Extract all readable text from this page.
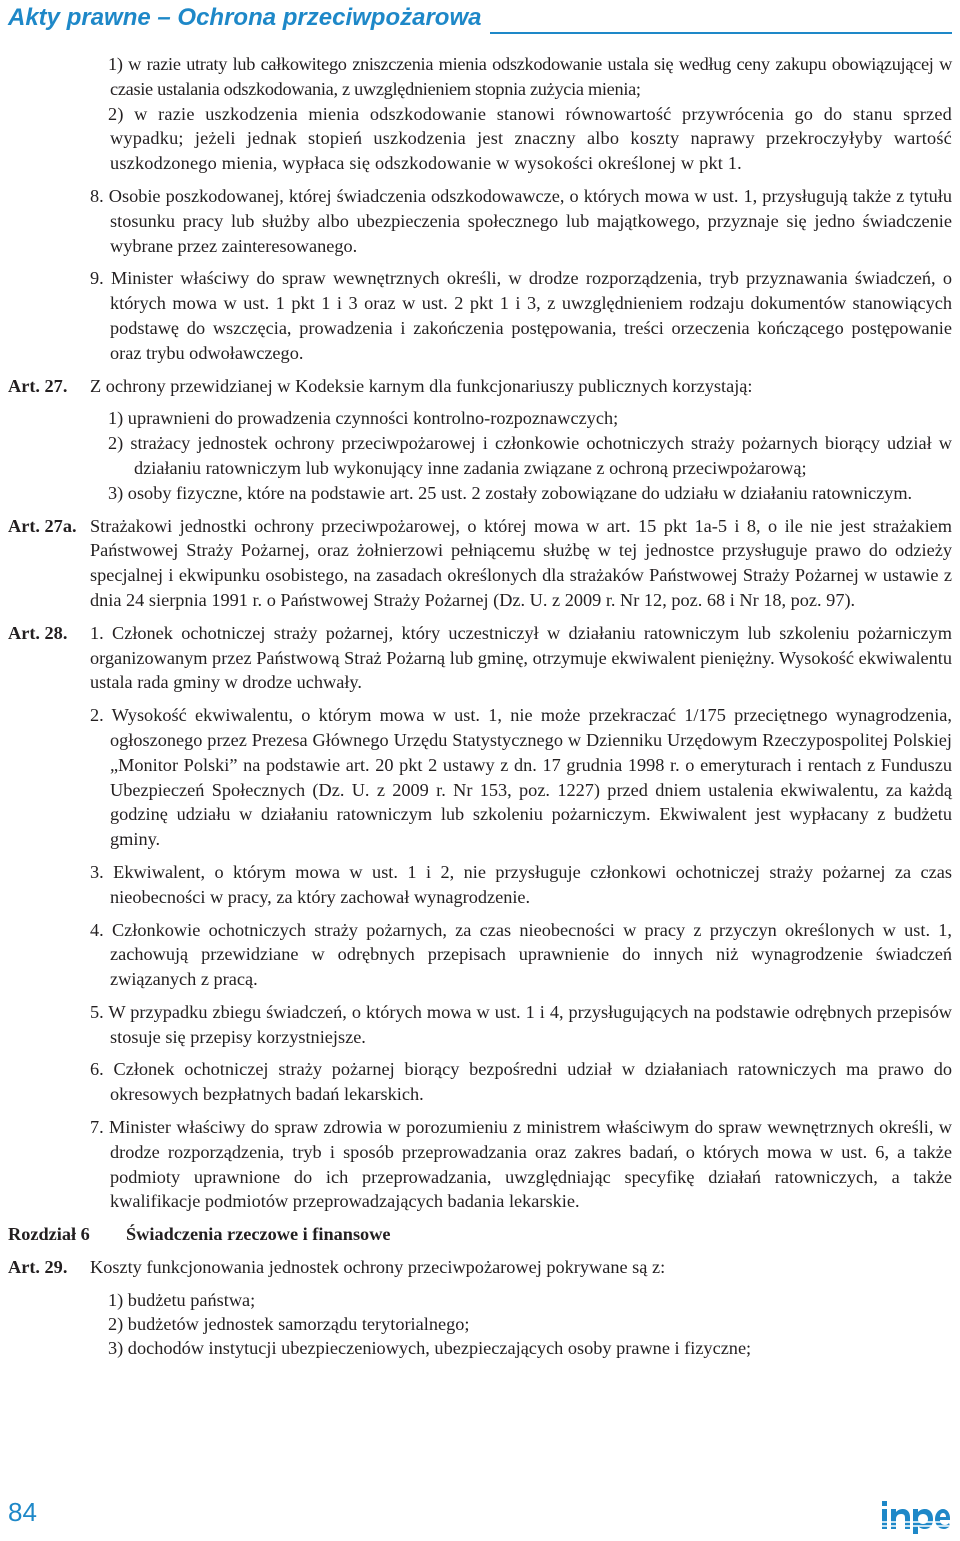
Akty prawne – Ochrona przeciwpożarowa

1) w razie utraty lub całkowitego zniszczenia mienia odszkodowanie ustala się według ceny zakupu obowiązującej w czasie ustalania odszkodowania, z uwzględnieniem stopnia zużycia mienia;

2) w razie uszkodzenia mienia odszkodowanie stanowi równowartość przywrócenia go do stanu sprzed wypadku; jeżeli jednak stopień uszkodzenia jest znaczny albo koszty naprawy przekroczyłyby wartość uszkodzonego mienia, wypłaca się odszkodowanie w wysokości określonej w pkt 1.

8. Osobie poszkodowanej, której świadczenia odszkodowawcze, o których mowa w ust. 1, przysługują także z tytułu stosunku pracy lub służby albo ubezpieczenia społecznego lub majątkowego, przyznaje się jedno świadczenie wybrane przez zainteresowanego.

9. Minister właściwy do spraw wewnętrznych określi, w drodze rozporządzenia, tryb przyznawania świadczeń, o których mowa w ust. 1 pkt 1 i 3 oraz w ust. 2 pkt 1 i 3, z uwzględnieniem rodzaju dokumentów stanowiących podstawę do wszczęcia, prowadzenia i zakończenia postępowania, treści orzeczenia kończącego postępowanie oraz trybu odwoławczego.

Art. 27.	Z ochrony przewidzianej w Kodeksie karnym dla funkcjonariuszy publicznych korzystają:

1) uprawnieni do prowadzenia czynności kontrolno-rozpoznawczych;

2) strażacy jednostek ochrony przeciwpożarowej i członkowie ochotniczych straży pożarnych biorący udział w działaniu ratowniczym lub wykonujący inne zadania związane z ochroną przeciwpożarową;

3) osoby fizyczne, które na podstawie art. 25 ust. 2 zostały zobowiązane do udziału w działaniu ratowniczym.

Art. 27a. Strażakowi jednostki ochrony przeciwpożarowej, o której mowa w art. 15 pkt 1a-5 i 8, o ile nie jest strażakiem Państwowej Straży Pożarnej, oraz żołnierzowi pełniącemu służbę w tej jednostce przysługuje prawo do odzieży specjalnej i ekwipunku osobistego, na zasadach określonych dla strażaków Państwowej Straży Pożarnej w ustawie z dnia 24 sierpnia 1991 r. o Państwowej Straży Pożarnej (Dz. U. z 2009 r. Nr 12, poz. 68 i Nr 18, poz. 97).

Art. 28.	1. Członek ochotniczej straży pożarnej, który uczestniczył w działaniu ratowniczym lub szkoleniu pożarniczym organizowanym przez Państwową Straż Pożarną lub gminę, otrzymuje ekwiwalent pieniężny. Wysokość ekwiwalentu ustala rada gminy w drodze uchwały.

2. Wysokość ekwiwalentu, o którym mowa w ust. 1, nie może przekraczać 1/175 przeciętnego wynagrodzenia, ogłoszonego przez Prezesa Głównego Urzędu Statystycznego w Dzienniku Urzędowym Rzeczypospolitej Polskiej „Monitor Polski” na podstawie art. 20 pkt 2 ustawy z dn. 17 grudnia 1998 r. o emeryturach i rentach z Funduszu Ubezpieczeń Społecznych (Dz. U. z 2009 r. Nr 153, poz. 1227) przed dniem ustalenia ekwiwalentu, za każdą godzinę udziału w działaniu ratowniczym lub szkoleniu pożarniczym. Ekwiwalent jest wypłacany z budżetu gminy.

3. Ekwiwalent, o którym mowa w ust. 1 i 2, nie przysługuje członkowi ochotniczej straży pożarnej za czas nieobecności w pracy, za który zachował wynagrodzenie.

4. Członkowie ochotniczych straży pożarnych, za czas nieobecności w pracy z przyczyn określonych w ust. 1, zachowują przewidziane w odrębnych przepisach uprawnienie do innych niż wynagrodzenie świadczeń związanych z pracą.

5. W przypadku zbiegu świadczeń, o których mowa w ust. 1 i 4, przysługujących na podstawie odrębnych przepisów stosuje się przepisy korzystniejsze.

6. Członek ochotniczej straży pożarnej biorący bezpośredni udział w działaniach ratowniczych ma prawo do okresowych bezpłatnych badań lekarskich.

7. Minister właściwy do spraw zdrowia w porozumieniu z ministrem właściwym do spraw wewnętrznych określi, w drodze rozporządzenia, tryb i sposób przeprowadzania oraz zakres badań, o których mowa w ust. 6, a także podmioty uprawnione do ich przeprowadzania, uwzględniając specyfikę działań ratowniczych, a także kwalifikacje podmiotów przeprowadzających badania lekarskie.

Rozdział 6	Świadczenia rzeczowe i finansowe
Art. 29.	Koszty funkcjonowania jednostek ochrony przeciwpożarowej pokrywane są z:

1) budżetu państwa;

2) budżetów jednostek samorządu terytorialnego;

3) dochodów instytucji ubezpieczeniowych, ubezpieczających osoby prawne i fizyczne;

84
